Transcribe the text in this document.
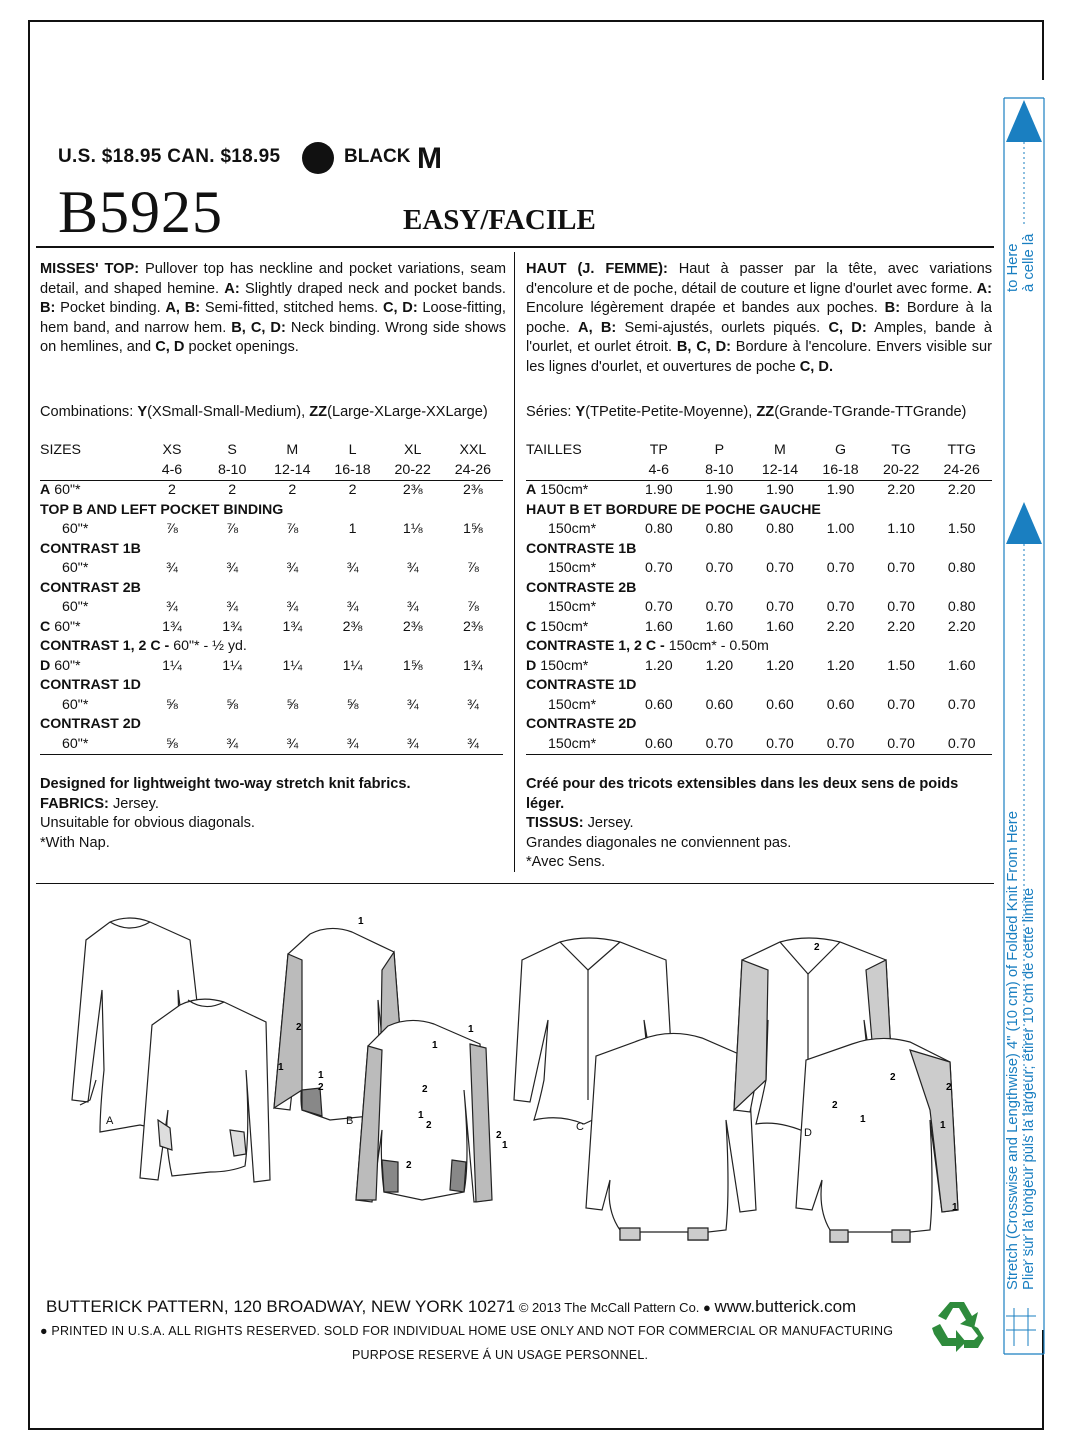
U.S. $18.95 CAN. $18.95	BLACK M
B5925	EASY/FACILE

MISSES' TOP: Pullover top has neckline and pocket variations, seam detail, and shaped hemine. A: Slightly draped neck and pocket bands. B: Pocket binding. A, B: Semi-fitted, stitched hems. C, D: Loose-fitting, hem band, and narrow hem. B, C, D: Neck binding. Wrong side shows on hemlines, and C, D pocket openings.

Combinations: Y(XSmall-Small-Medium), ZZ(Large-XLarge-XXLarge)

SIZES	XS	S	M	L	XL	XXL
	4-6	8-10	12-14	16-18	20-22	24-26
A 60"*	2	2	2	2	2⅜	2⅜
TOP B AND LEFT POCKET BINDING						
60"*	⅞	⅞	⅞	1	1⅛	1⅝
CONTRAST 1B						
60"*	¾	¾	¾	¾	¾	⅞
CONTRAST 2B						
60"*	¾	¾	¾	¾	¾	⅞
C 60"*	1¾	1¾	1¾	2⅜	2⅜	2⅜
CONTRAST 1, 2 C - 60"* - ½ yd.						
D 60"*	1¼	1¼	1¼	1¼	1⅝	1¾
CONTRAST 1D						
60"*	⅝	⅝	⅝	⅝	¾	¾
CONTRAST 2D						
60"*	⅝	¾	¾	¾	¾	¾
Designed for lightweight two-way stretch knit fabrics.
FABRICS: Jersey.
Unsuitable for obvious diagonals.
*With Nap.

HAUT (J. FEMME): Haut à passer par la tête, avec variations d'encolure et de poche, détail de couture et ligne d'ourlet avec forme. A: Encolure légèrement drapée et bandes aux poches. B: Bordure à la poche. A, B: Semi-ajustés, ourlets piqués. C, D: Amples, bande à l'ourlet, et ourlet étroit. B, C, D: Bordure à l'encolure. Envers visible sur les lignes d'ourlet, et ouvertures de poche C, D.

Séries: Y(TPetite-Petite-Moyenne), ZZ(Grande-TGrande-TTGrande)

TAILLES	TP	P	M	G	TG	TTG
	4-6	8-10	12-14	16-18	20-22	24-26
A 150cm*	1.90	1.90	1.90	1.90	2.20	2.20
HAUT B ET BORDURE DE POCHE GAUCHE						
150cm*	0.80	0.80	0.80	1.00	1.10	1.50
CONTRASTE 1B						
150cm*	0.70	0.70	0.70	0.70	0.70	0.80
CONTRASTE 2B						
150cm*	0.70	0.70	0.70	0.70	0.70	0.80
C 150cm*	1.60	1.60	1.60	2.20	2.20	2.20
CONTRASTE 1, 2 C - 150cm* - 0.50m						
D 150cm*	1.20	1.20	1.20	1.20	1.50	1.60
CONTRASTE 1D						
150cm*	0.60	0.60	0.60	0.60	0.70	0.70
CONTRASTE 2D						
150cm*	0.60	0.70	0.70	0.70	0.70	0.70
Créé pour des tricots extensibles dans les deux sens de poids léger.
TISSUS: Jersey.
Grandes diagonales ne conviennent pas.
*Avec Sens.
A	B	C	D
1
2
1
1
2
1
2
2
1
1
1
2
2
2
2
1
2
1
1
2
BUTTERICK PATTERN, 120 BROADWAY, NEW YORK 10271 © 2013 The McCall Pattern Co. ● www.butterick.com
● PRINTED IN U.S.A. ALL RIGHTS RESERVED. SOLD FOR INDIVIDUAL HOME USE ONLY AND NOT FOR COMMERCIAL OR MANUFACTURING
PURPOSE RESERVE Á UN USAGE PERSONNEL.
to Here à celle là
Stretch (Crosswise and Lengthwise) 4" (10 cm) of Folded Knit From Here Plier sur la longeur puis la largeur; étirer 10 cm de cette limite
